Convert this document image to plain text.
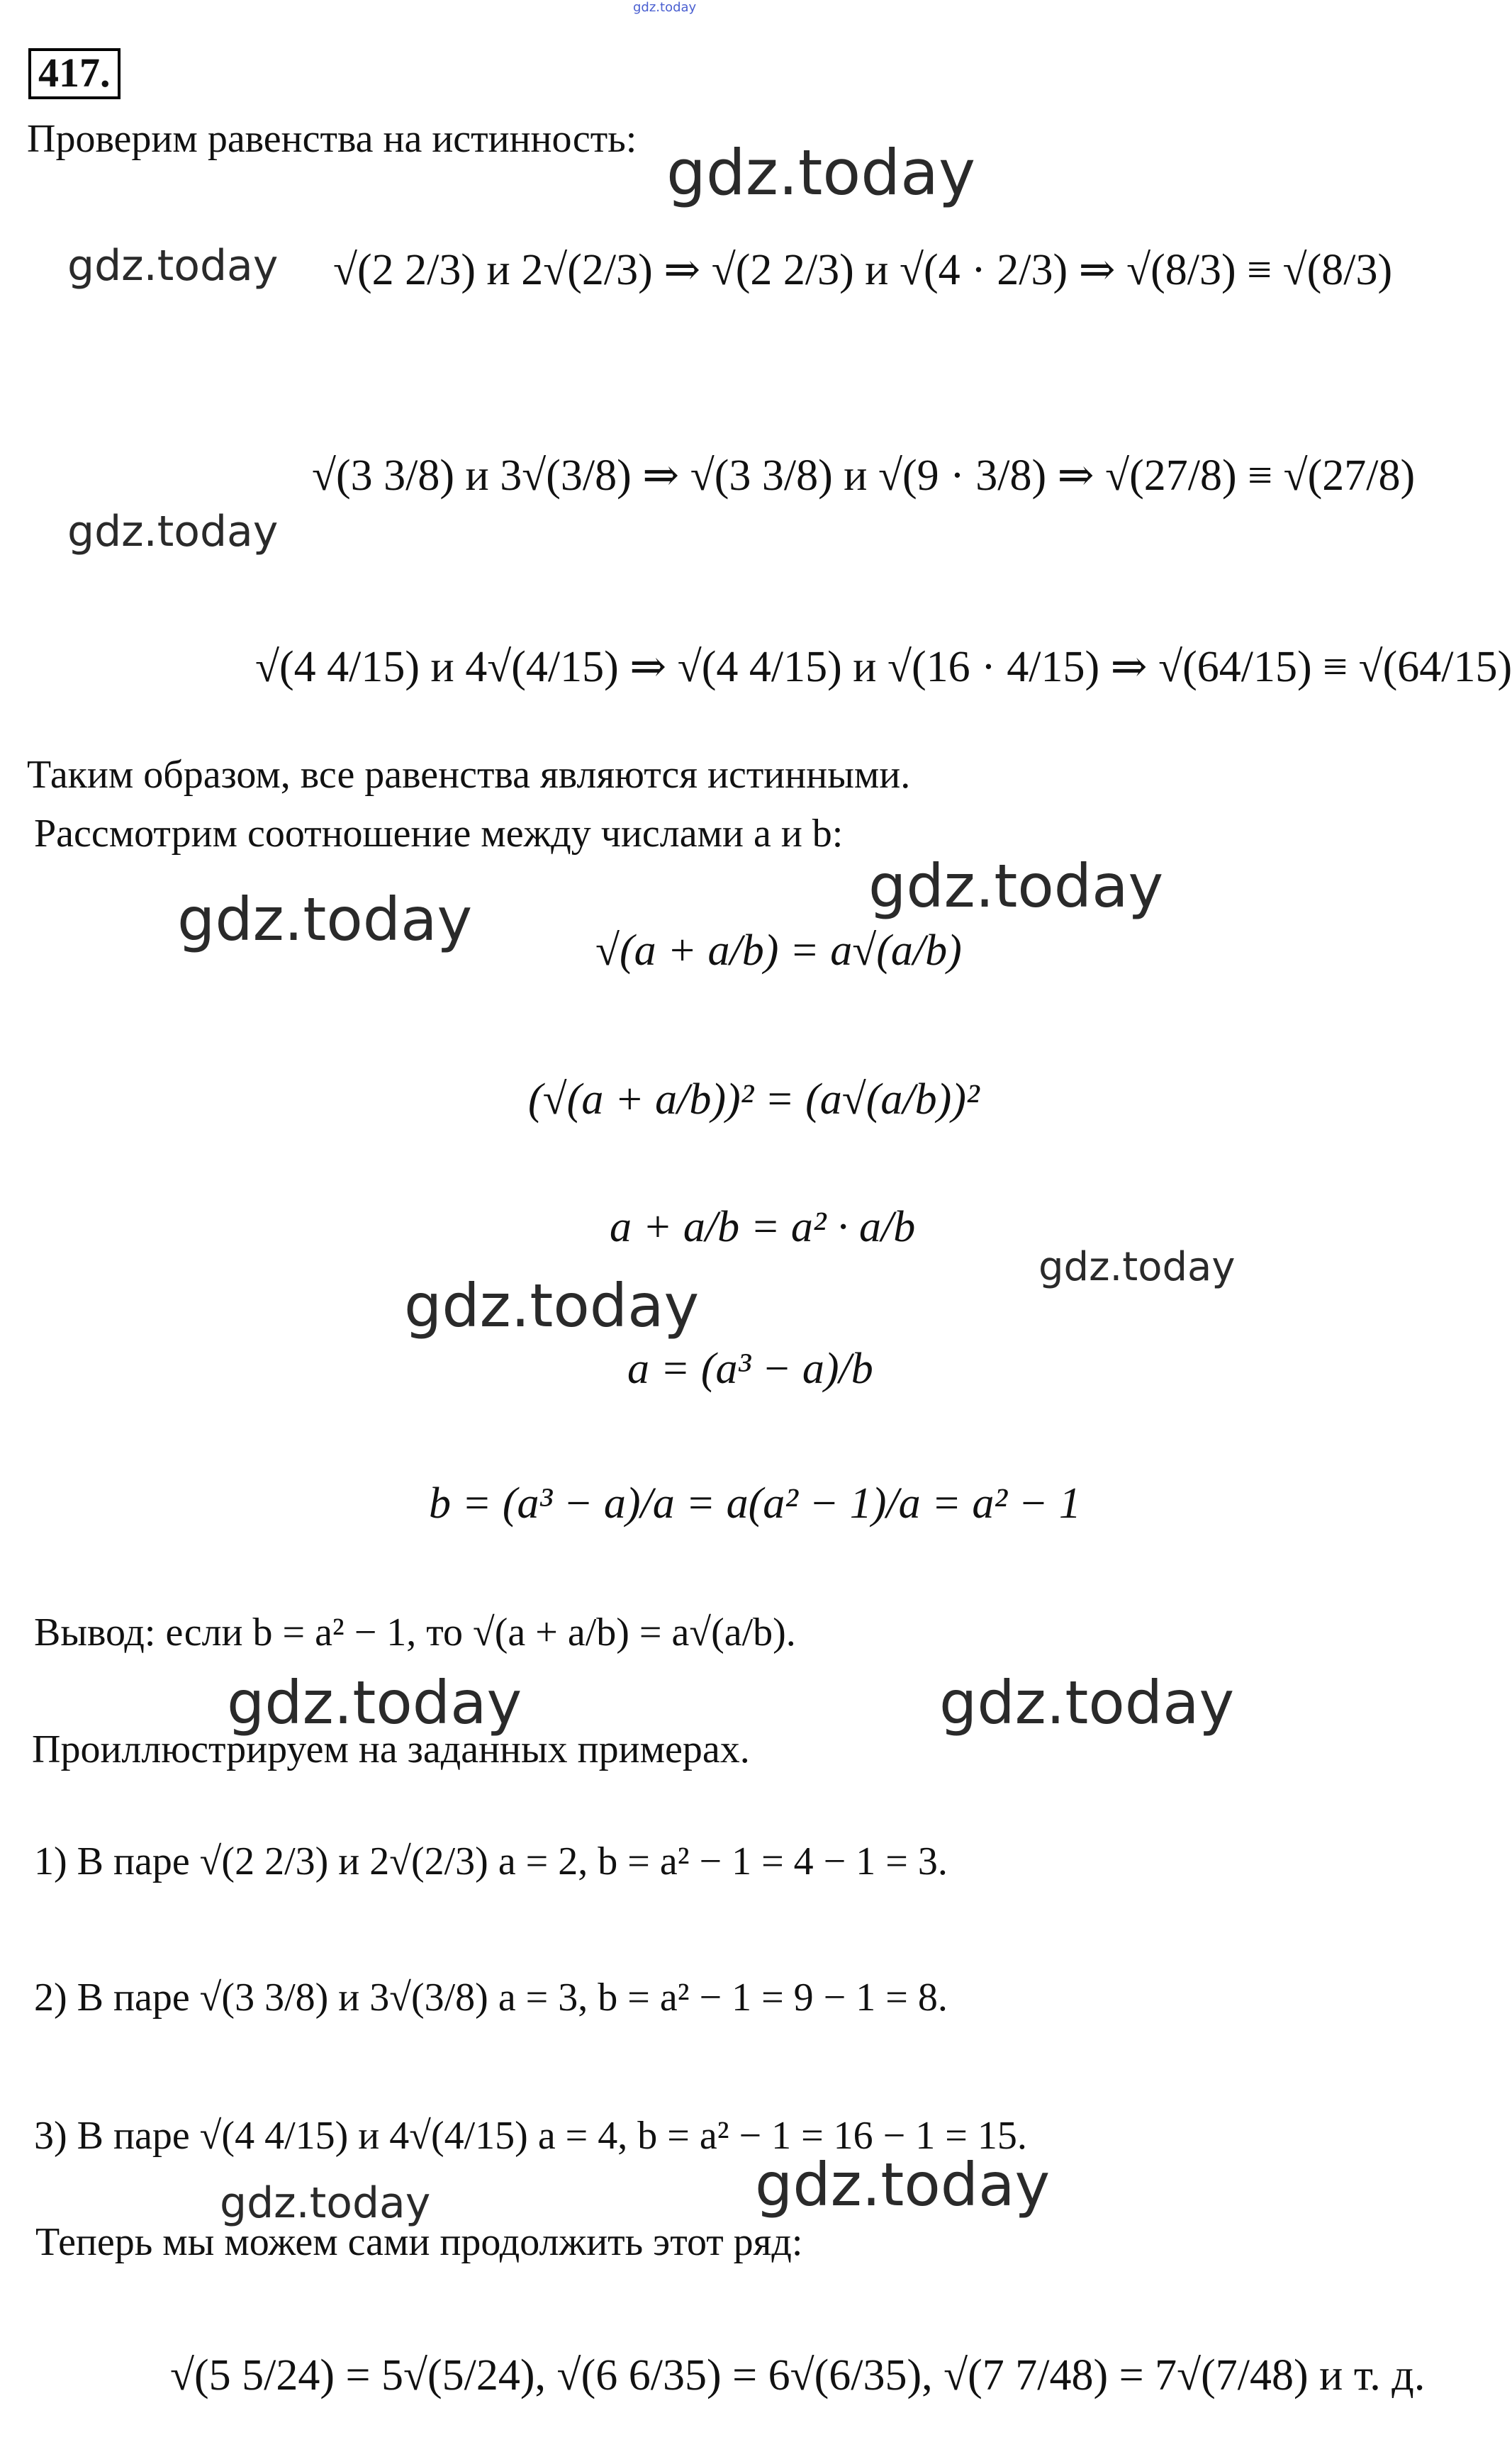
gdz.today
417.
Проверим равенства на истинность: gdz.today
gdz.today
gdz.today
gdz.today	gdz.today
gdz.today
gdz.today
gdz.today	gdz.today
gdz.today	gdz.today
√(2 2/3) и 2√(2/3) ⇒ √(2 2/3) и √(4 · 2/3) ⇒ √(8/3) ≡ √(8/3)
√(3 3/8) и 3√(3/8) ⇒ √(3 3/8) и √(9 · 3/8) ⇒ √(27/8) ≡ √(27/8)
√(4 4/15) и 4√(4/15) ⇒ √(4 4/15) и √(16 · 4/15) ⇒ √(64/15) ≡ √(64/15)
Таким образом, все равенства являются истинными.
Рассмотрим соотношение между числами a и b:
√(a + a/b) = a√(a/b)
(√(a + a/b))² = (a√(a/b))²
a + a/b = a² · a/b
a = (a³ − a)/b
b = (a³ − a)/a = a(a² − 1)/a = a² − 1
Вывод: если b = a² − 1, то √(a + a/b) = a√(a/b).
Проиллюстрируем на заданных примерах.
1) В паре √(2 2/3) и 2√(2/3) a = 2, b = a² − 1 = 4 − 1 = 3.
2) В паре √(3 3/8) и 3√(3/8) a = 3, b = a² − 1 = 9 − 1 = 8.
3) В паре √(4 4/15) и 4√(4/15) a = 4, b = a² − 1 = 16 − 1 = 15.
Теперь мы можем сами продолжить этот ряд:
√(5 5/24) = 5√(5/24), √(6 6/35) = 6√(6/35), √(7 7/48) = 7√(7/48) и т. д.
